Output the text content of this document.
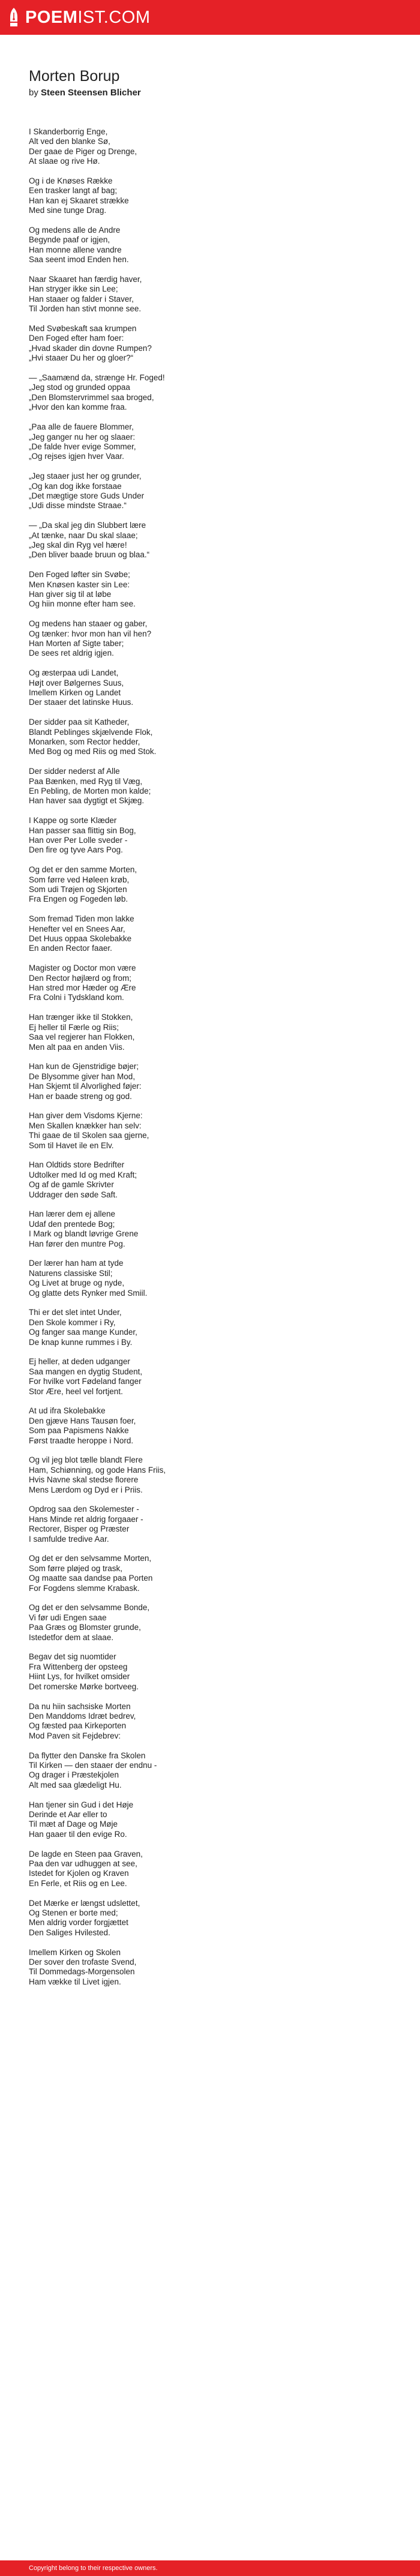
POEMIST.COM
Morten Borup
by Steen Steensen Blicher
I Skanderborrig Enge,
Alt ved den blanke Sø,
Der gaae de Piger og Drenge,
At slaae og rive Hø.
Og i de Knøses Række
Een trasker langt af bag;
Han kan ej Skaaret strække
Med sine tunge Drag.
Og medens alle de Andre
Begynde paaf or igjen,
Han monne allene vandre
Saa seent imod Enden hen.
Naar Skaaret han færdig haver,
Han stryger ikke sin Lee;
Han staaer og falder i Staver,
Til Jorden han stivt monne see.
Med Svøbeskaft saa krumpen
Den Foged efter ham foer:
„Hvad skader din dovne Rumpen?
„Hvi staaer Du her og gloer?“
— „Saamænd da, strænge Hr. Foged!
„Jeg stod og grunded oppaa
„Den Blomstervrimmel saa broged,
„Hvor den kan komme fraa.
„Paa alle de fauere Blommer,
„Jeg ganger nu her og slaaer:
„De falde hver evige Sommer,
„Og rejses igjen hver Vaar.
„Jeg staaer just her og grunder,
„Og kan dog ikke forstaae
„Det mægtige store Guds Under
„Udi disse mindste Straae.“
— „Da skal jeg din Slubbert lære
„At tænke, naar Du skal slaae;
„Jeg skal din Ryg vel hære!
„Den bliver baade bruun og blaa.“
Den Foged løfter sin Svøbe;
Men Knøsen kaster sin Lee:
Han giver sig til at løbe
Og hiin monne efter ham see.
Og medens han staaer og gaber,
Og tænker: hvor mon han vil hen?
Han Morten af Sigte taber;
De sees ret aldrig igjen.
Og æsterpaa udi Landet,
Højt over Bølgernes Suus,
Imellem Kirken og Landet
Der staaer det latinske Huus.
Der sidder paa sit Katheder,
Blandt Peblinges skjælvende Flok,
Monarken, som Rector hedder,
Med Bog og med Riis og med Stok.
Der sidder nederst af Alle
Paa Bænken, med Ryg til Væg,
En Pebling, de Morten mon kalde;
Han haver saa dygtigt et Skjæg.
I Kappe og sorte Klæder
Han passer saa flittig sin Bog,
Han over Per Lolle sveder -
Den fire og tyve Aars Pog.
Og det er den samme Morten,
Som førre ved Høleen krøb,
Som udi Trøjen og Skjorten
Fra Engen og Fogeden løb.
Som fremad Tiden mon lakke
Henefter vel en Snees Aar,
Det Huus oppaa Skolebakke
En anden Rector faaer.
Magister og Doctor mon være
Den Rector højlærd og from;
Han stred mor Hæder og Ære
Fra Colni i Tydskland kom.
Han trænger ikke til Stokken,
Ej heller til Færle og Riis;
Saa vel regjerer han Flokken,
Men alt paa en anden Viis.
Han kun de Gjenstridige bøjer;
De Blysomme giver han Mod,
Han Skjemt til Alvorlighed føjer:
Han er baade streng og god.
Han giver dem Visdoms Kjerne:
Men Skallen knækker han selv:
Thi gaae de til Skolen saa gjerne,
Som til Havet ile en Elv.
Han Oldtids store Bedrifter
Udtolker med Id og med Kraft;
Og af de gamle Skrivter
Uddrager den søde Saft.
Han lærer dem ej allene
Udaf den prentede Bog;
I Mark og blandt løvrige Grene
Han fører den muntre Pog.
Der lærer han ham at tyde
Naturens classiske Stil;
Og Livet at bruge og nyde,
Og glatte dets Rynker med Smiil.
Thi er det slet intet Under,
Den Skole kommer i Ry,
Og fanger saa mange Kunder,
De knap kunne rummes i By.
Ej heller, at deden udganger
Saa mangen en dygtig Student,
For hvilke vort Fødeland fanger
Stor Ære, heel vel fortjent.
At ud ifra Skolebakke
Den gjæve Hans Tausøn foer,
Som paa Papismens Nakke
Først traadte heroppe i Nord.
Og vil jeg blot tælle blandt Flere
Ham, Schiønning, og gode Hans Friis,
Hvis Navne skal stedse florere
Mens Lærdom og Dyd er i Priis.
Opdrog saa den Skolemester -
Hans Minde ret aldrig forgaaer -
Rectorer, Bisper og Præster
I samfulde tredive Aar.
Og det er den selvsamme Morten,
Som førre pløjed og trask,
Og maatte saa dandse paa Porten
For Fogdens slemme Krabask.
Og det er den selvsamme Bonde,
Vi før udi Engen saae
Paa Græs og Blomster grunde,
Istedetfor dem at slaae.
Begav det sig nuomtider
Fra Wittenberg der opsteeg
Hiint Lys, for hvilket omsider
Det romerske Mørke bortveeg.
Da nu hiin sachsiske Morten
Den Manddoms Idræt bedrev,
Og fæsted paa Kirkeporten
Mod Paven sit Fejdebrev:
Da flytter den Danske fra Skolen
Til Kirken — den staaer der endnu -
Og drager i Præstekjolen
Alt med saa glædeligt Hu.
Han tjener sin Gud i det Høje
Derinde et Aar eller to
Til mæt af Dage og Møje
Han gaaer til den evige Ro.
De lagde en Steen paa Graven,
Paa den var udhuggen at see,
Istedet for Kjolen og Kraven
En Ferle, et Riis og en Lee.
Det Mærke er længst udslettet,
Og Stenen er borte med;
Men aldrig vorder forgjættet
Den Saliges Hvilested.
Imellem Kirken og Skolen
Der sover den trofaste Svend,
Til Dommedags-Morgensolen
Ham vække til Livet igjen.
Copyright belong to their respective owners.
